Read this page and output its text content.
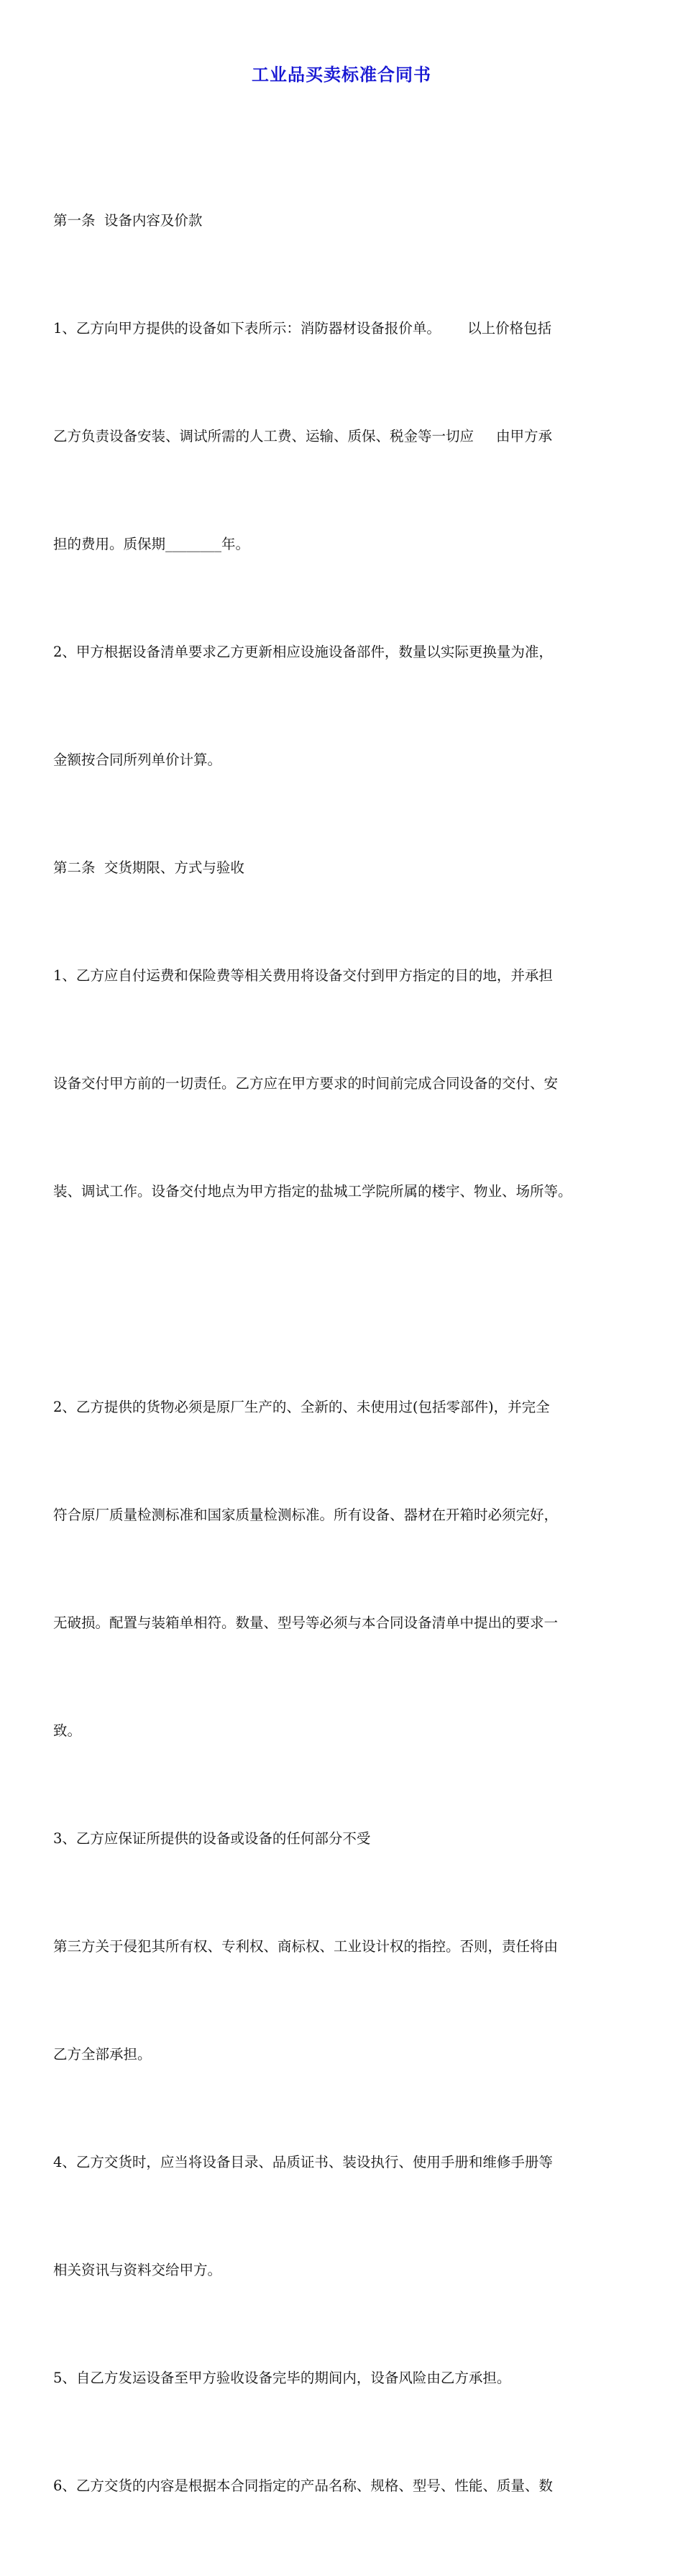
工业品买卖标准合同书

第一条  设备内容及价款

1、乙方向甲方提供的设备如下表所示：消防器材设备报价单。      以上价格包括

乙方负责设备安装、调试所需的人工费、运输、质保、税金等一切应     由甲方承

担的费用。质保期________年。

2、甲方根据设备清单要求乙方更新相应设施设备部件，数量以实际更换量为准，

金额按合同所列单价计算。

第二条  交货期限、方式与验收

1、乙方应自付运费和保险费等相关费用将设备交付到甲方指定的目的地，并承担

设备交付甲方前的一切责任。乙方应在甲方要求的时间前完成合同设备的交付、安

装、调试工作。设备交付地点为甲方指定的盐城工学院所属的楼宇、物业、场所等。

2、乙方提供的货物必须是原厂生产的、全新的、未使用过(包括零部件)，并完全

符合原厂质量检测标准和国家质量检测标准。所有设备、器材在开箱时必须完好，

无破损。配置与装箱单相符。数量、型号等必须与本合同设备清单中提出的要求一

致。

3、乙方应保证所提供的设备或设备的任何部分不受

第三方关于侵犯其所有权、专利权、商标权、工业设计权的指控。否则，责任将由

乙方全部承担。

4、乙方交货时，应当将设备目录、品质证书、装设执行、使用手册和维修手册等

相关资讯与资料交给甲方。

5、自乙方发运设备至甲方验收设备完毕的期间内，设备风险由乙方承担。

6、乙方交货的内容是根据本合同指定的产品名称、规格、型号、性能、质量、数
